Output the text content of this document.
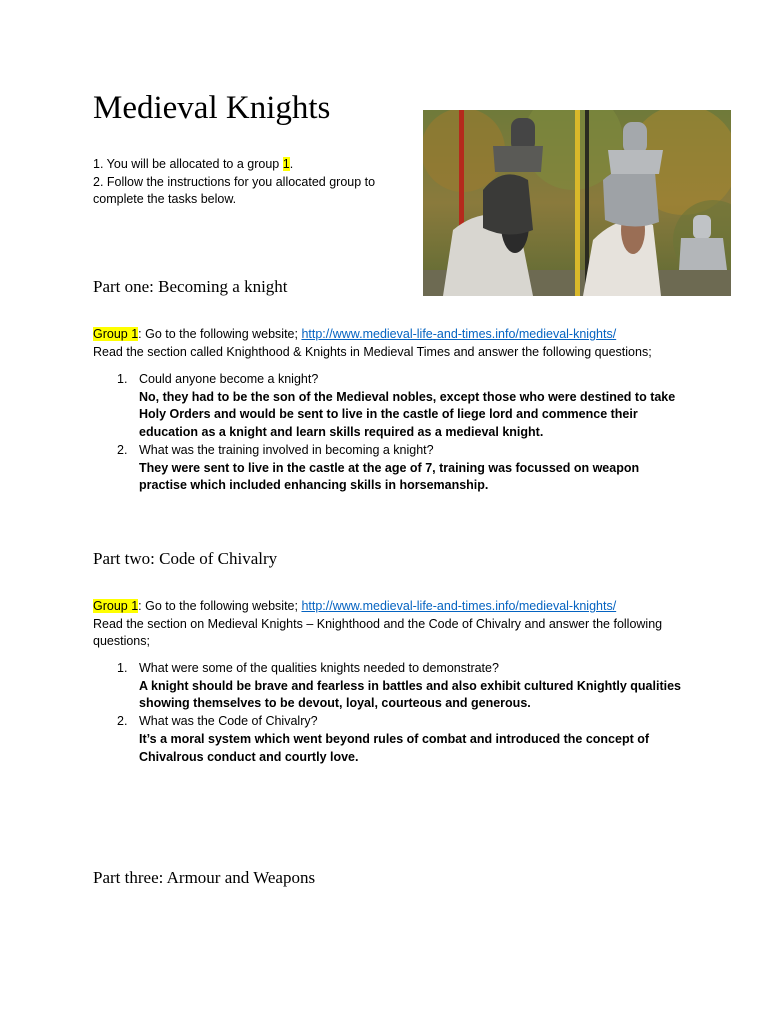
Medieval Knights
1. You will be allocated to a group 1.
2. Follow the instructions for you allocated group to complete the tasks below.
Part one: Becoming a knight
Group 1: Go to the following website; http://www.medieval-life-and-times.info/medieval-knights/
Read the section called Knighthood & Knights in Medieval Times and answer the following questions;
1. Could anyone become a knight?
No, they had to be the son of the Medieval nobles, except those who were destined to take Holy Orders and would be sent to live in the castle of liege lord and commence their education as a knight and learn skills required as a medieval knight.
2. What was the training involved in becoming a knight?
They were sent to live in the castle at the age of 7, training was focussed on weapon practise which included enhancing skills in horsemanship.
Part two: Code of Chivalry
Group 1: Go to the following website; http://www.medieval-life-and-times.info/medieval-knights/
Read the section on Medieval Knights – Knighthood and the Code of Chivalry and answer the following questions;
1. What were some of the qualities knights needed to demonstrate?
A knight should be brave and fearless in battles and also exhibit cultured Knightly qualities showing themselves to be devout, loyal, courteous and generous.
2. What was the Code of Chivalry?
It’s a moral system which went beyond rules of combat and introduced the concept of Chivalrous conduct and courtly love.
Part three: Armour and Weapons
